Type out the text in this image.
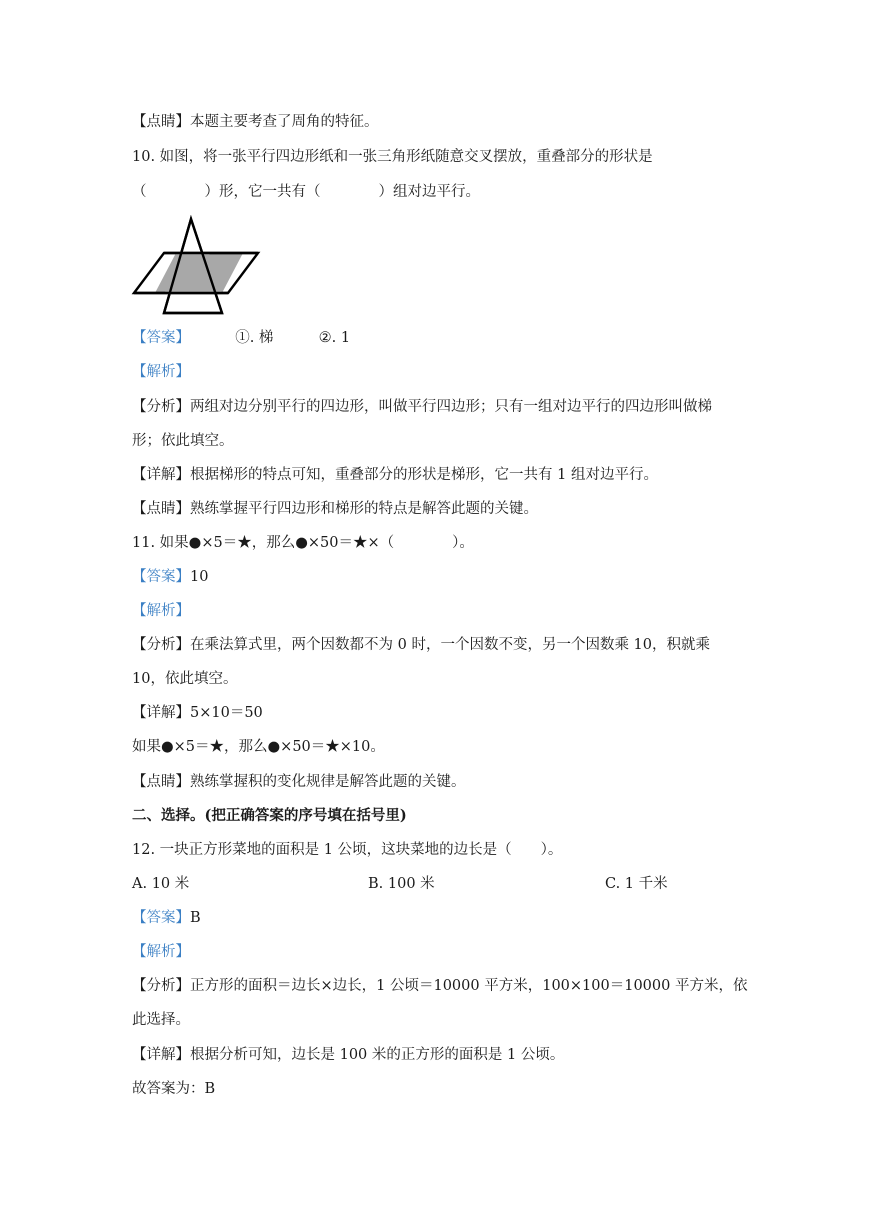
【点睛】本题主要考查了周角的特征。
10. 如图，将一张平行四边形纸和一张三角形纸随意交叉摆放，重叠部分的形状是
（　　　　）形，它一共有（　　　　）组对边平行。
【答案】	①. 梯	②. 1
【解析】
【分析】两组对边分别平行的四边形，叫做平行四边形；只有一组对边平行的四边形叫做梯
形；依此填空。
【详解】根据梯形的特点可知，重叠部分的形状是梯形，它一共有 1 组对边平行。
【点睛】熟练掌握平行四边形和梯形的特点是解答此题的关键。
11. 如果●×5＝★，那么●×50＝★×（　　　　）。
【答案】10
【解析】
【分析】在乘法算式里，两个因数都不为 0 时，一个因数不变，另一个因数乘 10，积就乘
10，依此填空。
【详解】5×10＝50
如果●×5＝★，那么●×50＝★×10。
【点睛】熟练掌握积的变化规律是解答此题的关键。
二、选择。(把正确答案的序号填在括号里)
12. 一块正方形菜地的面积是 1 公顷，这块菜地的边长是（　　）。
A. 10 米	B. 100 米	C. 1 千米
【答案】B
【解析】
【分析】正方形的面积＝边长×边长，1 公顷＝10000 平方米，100×100＝10000 平方米，依
此选择。
【详解】根据分析可知，边长是 100 米的正方形的面积是 1 公顷。
故答案为：B
